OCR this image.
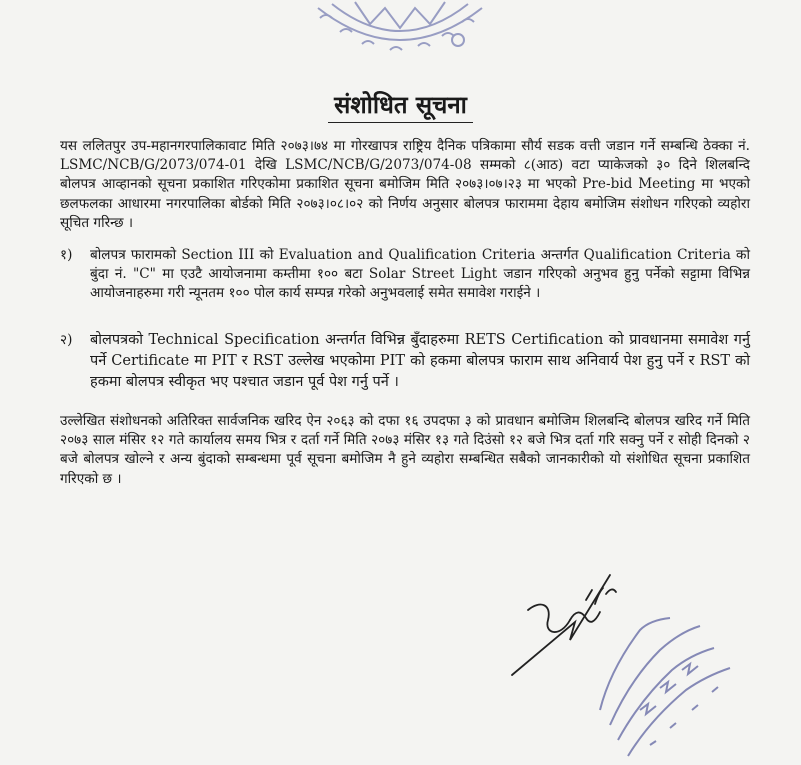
संशोधित सूचना
यस ललितपुर उप-महानगरपालिकावाट मिति २०७३।७४ मा गोरखापत्र राष्ट्रिय दैनिक पत्रिकामा सौर्य सडक वत्ती जडान गर्ने सम्बन्धि ठेक्का नं. LSMC/NCB/G/2073/074-01 देखि LSMC/NCB/G/2073/074-08 सम्मको ८(आठ) वटा प्याकेजको ३० दिने शिलबन्दि बोलपत्र आव्हानको सूचना प्रकाशित गरिएकोमा प्रकाशित सूचना बमोजिम मिति २०७३।०७।२३ मा भएको Pre-bid Meeting मा भएको छलफलका आधारमा नगरपालिका बोर्डको मिति २०७३।०८।०२ को निर्णय अनुसार बोलपत्र फाराममा देहाय बमोजिम संशोधन गरिएको व्यहोरा सूचित गरिन्छ ।
१)	बोलपत्र फारामको Section III को Evaluation and Qualification Criteria अन्तर्गत Qualification Criteria को बुंदा नं. "C" मा एउटै आयोजनामा कम्तीमा १०० बटा Solar Street Light जडान गरिएको अनुभव हुनु पर्नेको सट्टामा विभिन्न आयोजनाहरुमा गरी न्यूनतम १०० पोल कार्य सम्पन्न गरेको अनुभवलाई समेत समावेश गराईने ।
२)	बोलपत्रको Technical Specification अन्तर्गत विभिन्न बुँदाहरुमा RETS Certification को प्रावधानमा समावेश गर्नु पर्ने Certificate मा PIT र RST उल्लेख भएकोमा PIT को हकमा बोलपत्र फाराम साथ अनिवार्य पेश हुनु पर्ने र RST को हकमा बोलपत्र स्वीकृत भए पश्चात जडान पूर्व पेश गर्नु पर्ने ।
उल्लेखित संशोधनको अतिरिक्त सार्वजनिक खरिद ऐन २०६३ को दफा १६ उपदफा ३ को प्रावधान बमोजिम शिलबन्दि बोलपत्र खरिद गर्ने मिति २०७३ साल मंसिर १२ गते कार्यालय समय भित्र र दर्ता गर्ने मिति २०७३ मंसिर १३ गते दिउंसो १२ बजे भित्र दर्ता गरि सक्नु पर्ने र सोही दिनको २ बजे बोलपत्र खोल्ने र अन्य बुंदाको सम्बन्धमा पूर्व सूचना बमोजिम नै हुने व्यहोरा सम्बन्धित सबैको जानकारीको यो संशोधित सूचना प्रकाशित गरिएको छ ।
